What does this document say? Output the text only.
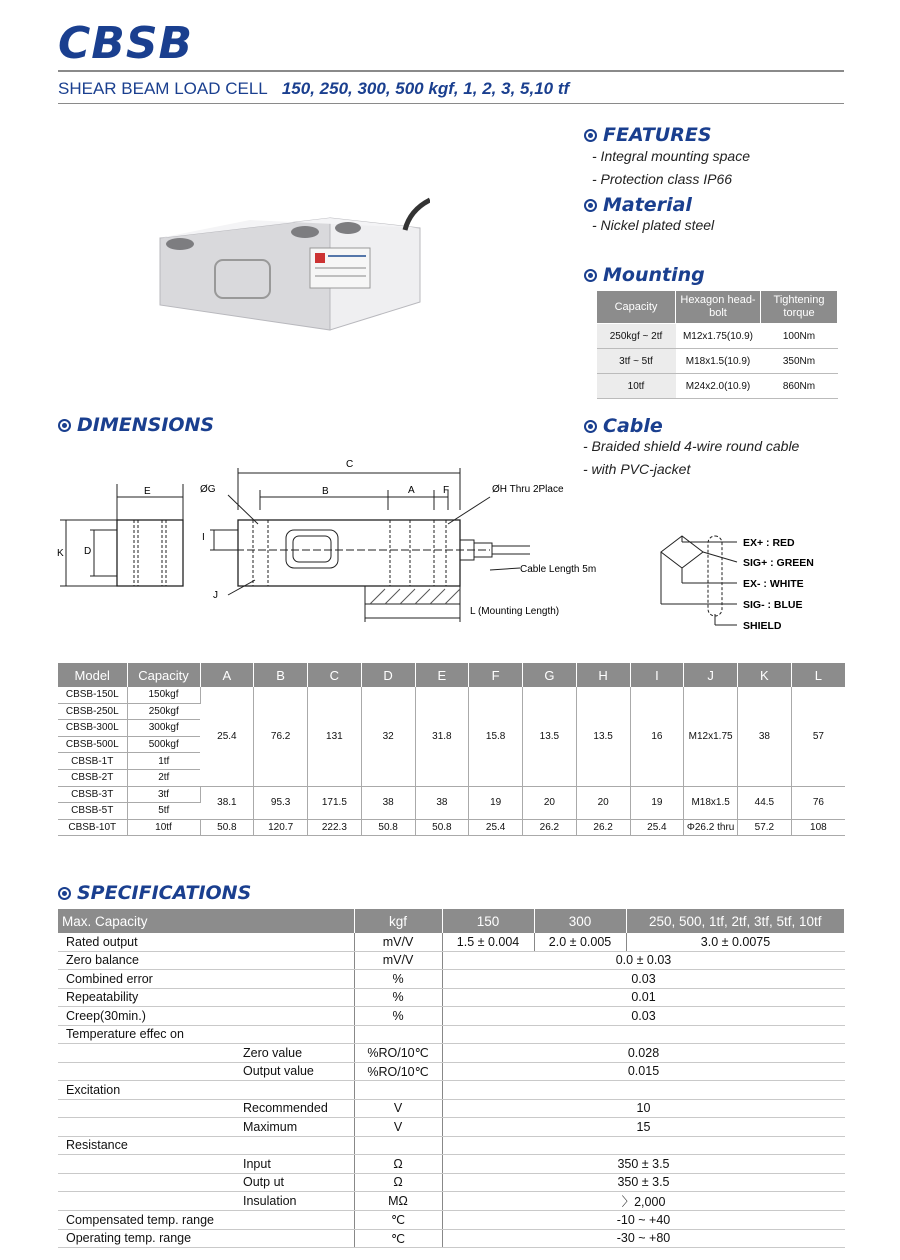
CBSB
SHEAR BEAM LOAD CELL 150, 250, 300, 500 kgf, 1, 2, 3, 5,10 tf
FEATURES
- Integral mounting space
- Protection class IP66
Material
- Nickel plated steel
Mounting
Capacity	Hexagon head-bolt	Tightening torque
250kgf ~ 2tf	M12x1.75(10.9)	100Nm
3tf ~ 5tf	M18x1.5(10.9)	350Nm
10tf	M24x2.0(10.9)	860Nm
DIMENSIONS	Cable
- Braided shield 4-wire round cable
- with PVC-jacket
E
K D
C
ØG	B	A	F	ØH Thru 2Place
I
J
Cable Length 5m
L (Mounting Length)
EX+ : RED
SIG+ : GREEN
EX- : WHITE
SIG- : BLUE
SHIELD
Model	Capacity	A	B	C	D	E	F	G	H	I	J	K	L
CBSB-150L	150kgf	25.4	76.2	131	32	31.8	15.8	13.5	13.5	16	M12x1.75	38	57
CBSB-250L	250kgf												
CBSB-300L	300kgf												
CBSB-500L	500kgf												
CBSB-1T	1tf												
CBSB-2T	2tf												
CBSB-3T	3tf	38.1	95.3	171.5	38	38	19	20	20	19	M18x1.5	44.5	76
CBSB-5T	5tf												
CBSB-10T	10tf	50.8	120.7	222.3	50.8	50.8	25.4	26.2	26.2	25.4	Φ26.2 thru	57.2	108
SPECIFICATIONS
Max. Capacity	kgf	150	300	250, 500, 1tf, 2tf, 3tf, 5tf, 10tf
Rated output	mV/V	1.5 ± 0.004	2.0 ± 0.005	3.0 ± 0.0075
Zero balance	mV/V	0.0 ± 0.03		
Combined error	%	0.03		
Repeatability	%	0.01		
Creep(30min.)	%	0.03		
Temperature effec on				
Zero value	%RO/10℃	0.028		
Output value	%RO/10℃	0.015		
Excitation				
Recommended	V	10		
Maximum	V	15		
Resistance				
Input	Ω	350 ± 3.5		
Outp ut	Ω	350 ± 3.5		
Insulation	MΩ	〉2,000		
Compensated temp. range	℃	-10 ~ +40		
Operating temp. range	℃	-30 ~ +80		
